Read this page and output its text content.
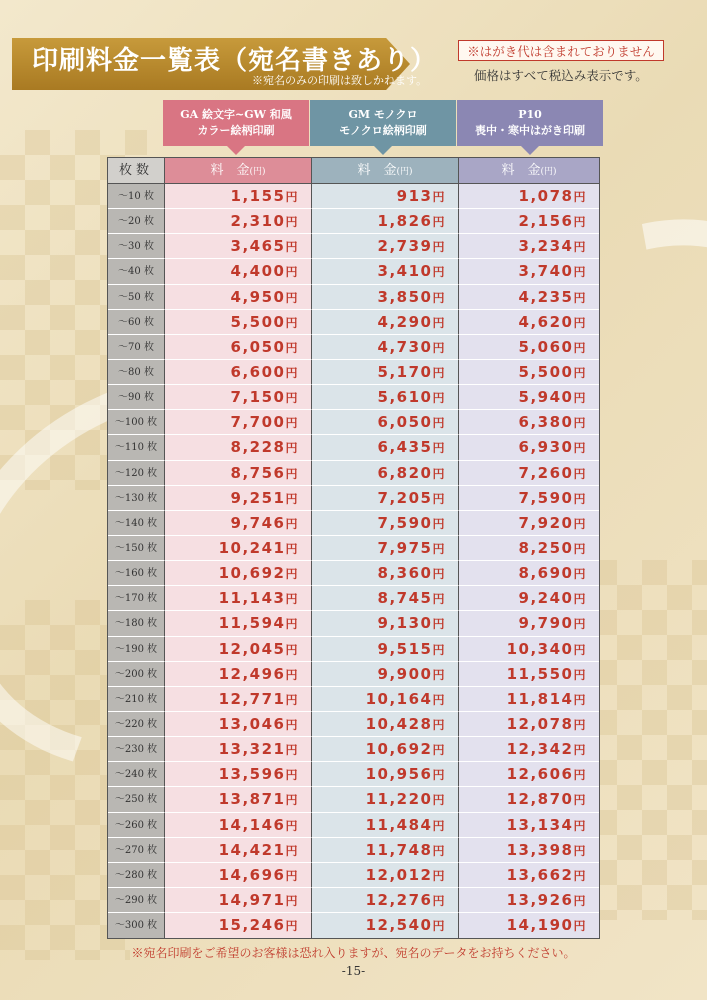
印刷料金一覧表（宛名書きあり）
※宛名のみの印刷は致しかねます。
※はがき代は含まれておりません
価格はすべて税込み表示です。
GA 絵文字~GW 和風
カラー絵柄印刷
GM モノクロ
モノクロ絵柄印刷
P10
喪中・寒中はがき印刷
枚数	料　金(円)	料　金(円)	料　金(円)
～10 枚	1,155円	913円	1,078円
～20 枚	2,310円	1,826円	2,156円
～30 枚	3,465円	2,739円	3,234円
～40 枚	4,400円	3,410円	3,740円
～50 枚	4,950円	3,850円	4,235円
～60 枚	5,500円	4,290円	4,620円
～70 枚	6,050円	4,730円	5,060円
～80 枚	6,600円	5,170円	5,500円
～90 枚	7,150円	5,610円	5,940円
～100 枚	7,700円	6,050円	6,380円
～110 枚	8,228円	6,435円	6,930円
～120 枚	8,756円	6,820円	7,260円
～130 枚	9,251円	7,205円	7,590円
～140 枚	9,746円	7,590円	7,920円
～150 枚	10,241円	7,975円	8,250円
～160 枚	10,692円	8,360円	8,690円
～170 枚	11,143円	8,745円	9,240円
～180 枚	11,594円	9,130円	9,790円
～190 枚	12,045円	9,515円	10,340円
～200 枚	12,496円	9,900円	11,550円
～210 枚	12,771円	10,164円	11,814円
～220 枚	13,046円	10,428円	12,078円
～230 枚	13,321円	10,692円	12,342円
～240 枚	13,596円	10,956円	12,606円
～250 枚	13,871円	11,220円	12,870円
～260 枚	14,146円	11,484円	13,134円
～270 枚	14,421円	11,748円	13,398円
～280 枚	14,696円	12,012円	13,662円
～290 枚	14,971円	12,276円	13,926円
～300 枚	15,246円	12,540円	14,190円
※宛名印刷をご希望のお客様は恐れ入りますが、宛名のデータをお持ちください。
-15-
